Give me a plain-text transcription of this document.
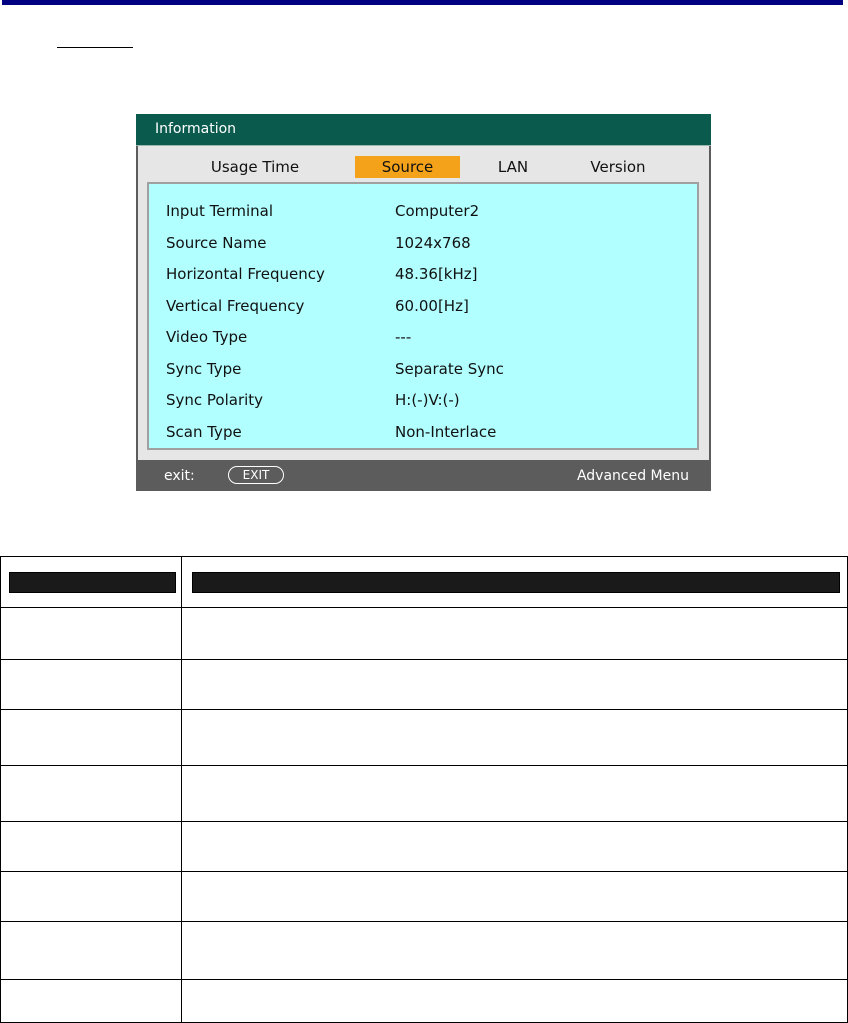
Information
Usage Time	Source	LAN	Version
Input Terminal	Computer2
Source Name	1024x768
Horizontal Frequency	48.36[kHz]
Vertical Frequency	60.00[Hz]
Video Type	---
Sync Type	Separate Sync
Sync Polarity	H:(-)V:(-)
Scan Type	Non-Interlace
exit:	EXIT	Advanced Menu
